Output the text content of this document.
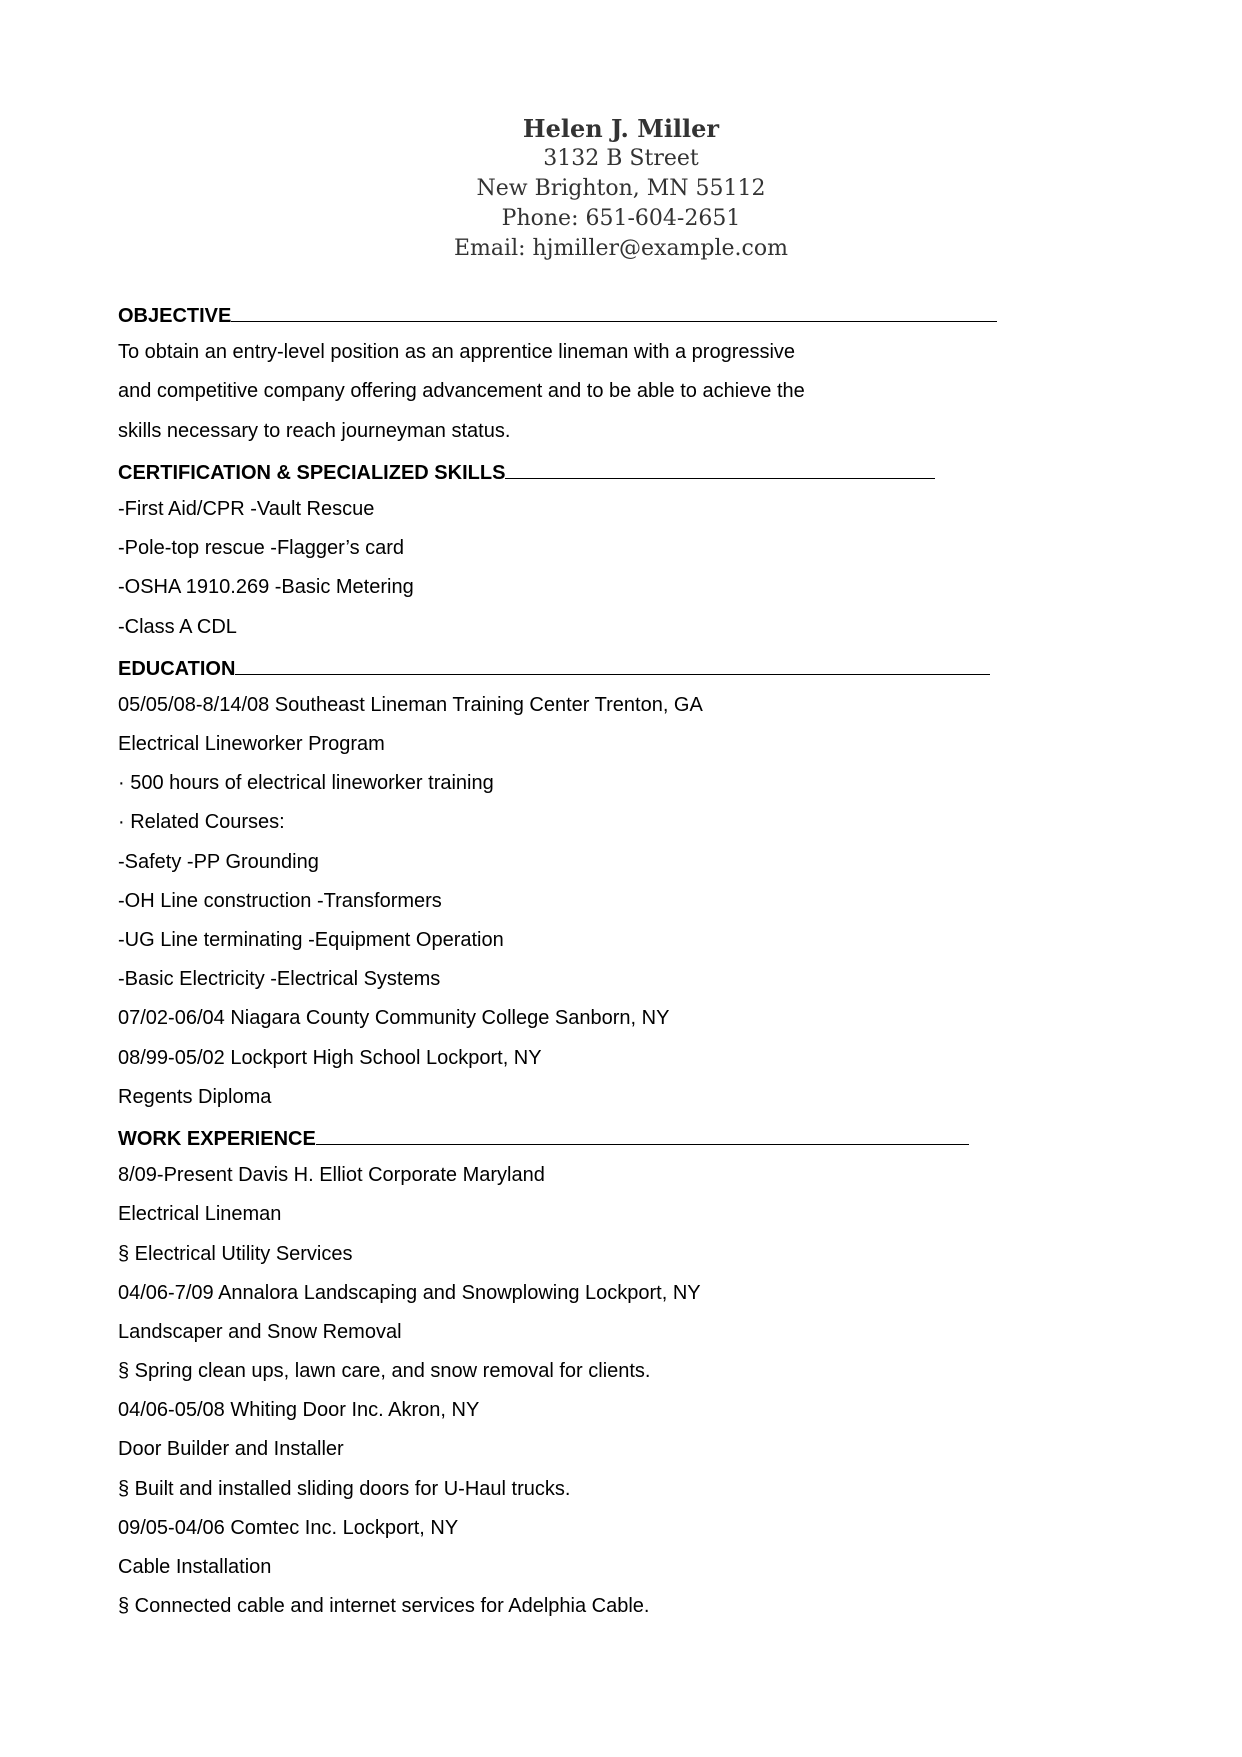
Helen J. Miller
3132 B Street
New Brighton, MN 55112
Phone: 651-604-2651
Email: hjmiller@example.com
OBJECTIVE
To obtain an entry-level position as an apprentice lineman with a progressive
and competitive company offering advancement and to be able to achieve the
skills necessary to reach journeyman status.
CERTIFICATION & SPECIALIZED SKILLS
-First Aid/CPR -Vault Rescue
-Pole-top rescue -Flagger’s card
-OSHA 1910.269 -Basic Metering
-Class A CDL
EDUCATION
05/05/08-8/14/08 Southeast Lineman Training Center Trenton, GA
Electrical Lineworker Program
· 500 hours of electrical lineworker training
· Related Courses:
-Safety -PP Grounding
-OH Line construction -Transformers
-UG Line terminating -Equipment Operation
-Basic Electricity -Electrical Systems
07/02-06/04 Niagara County Community College Sanborn, NY
08/99-05/02 Lockport High School Lockport, NY
Regents Diploma
WORK EXPERIENCE
8/09-Present Davis H. Elliot Corporate Maryland
Electrical Lineman
§ Electrical Utility Services
04/06-7/09 Annalora Landscaping and Snowplowing Lockport, NY
Landscaper and Snow Removal
§ Spring clean ups, lawn care, and snow removal for clients.
04/06-05/08 Whiting Door Inc. Akron, NY
Door Builder and Installer
§ Built and installed sliding doors for U-Haul trucks.
09/05-04/06 Comtec Inc. Lockport, NY
Cable Installation
§ Connected cable and internet services for Adelphia Cable.
